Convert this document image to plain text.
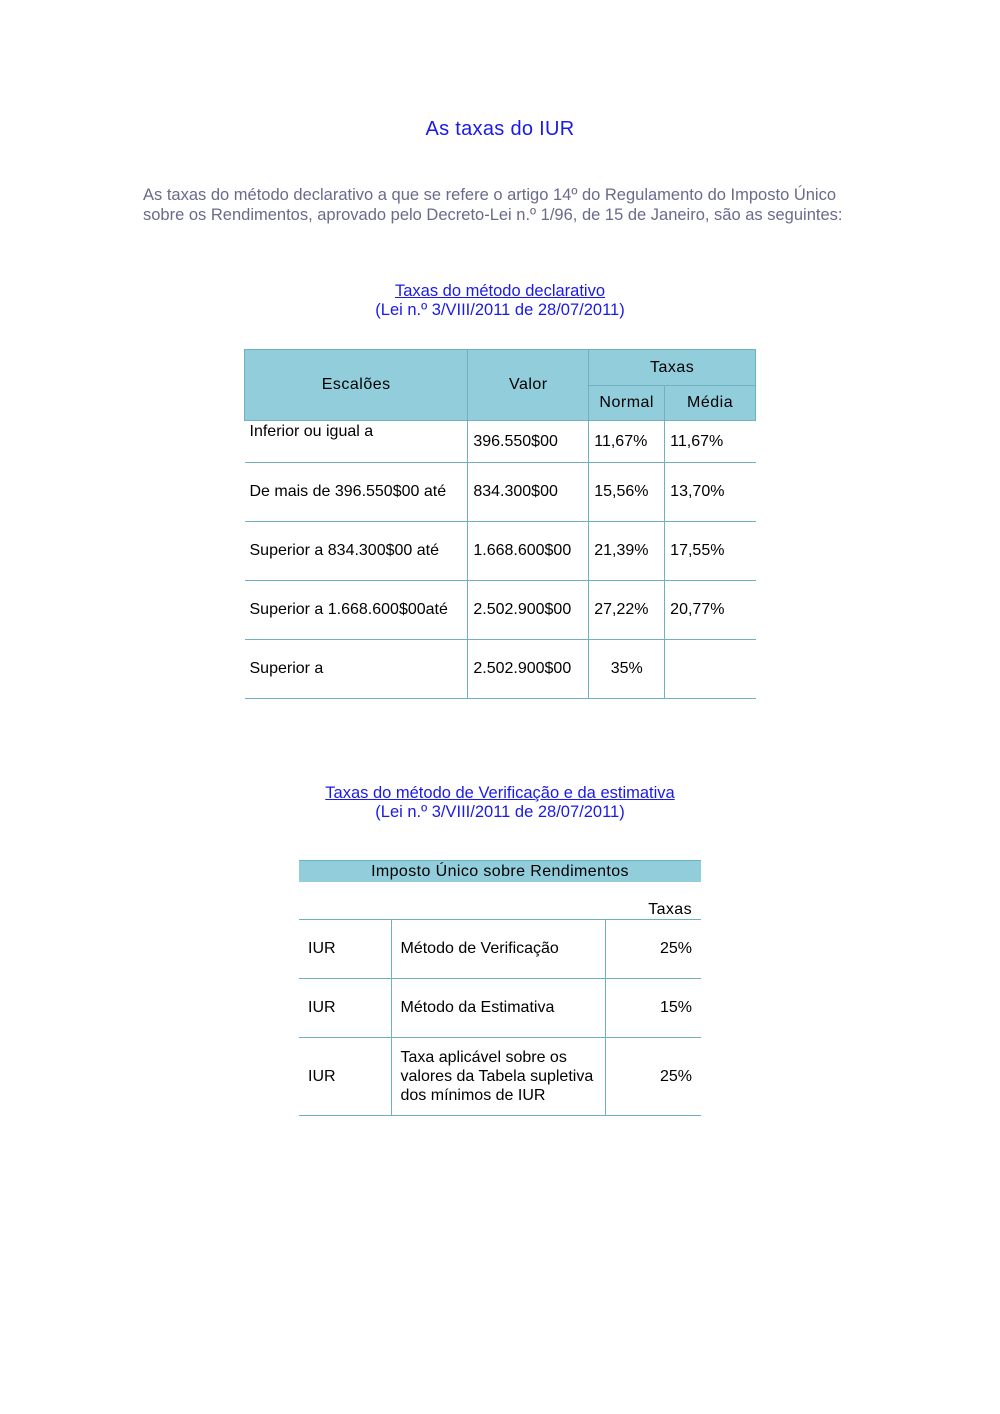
As taxas do IUR
As taxas do método declarativo a que se refere o artigo 14º do Regulamento do Imposto Único sobre os Rendimentos, aprovado pelo Decreto-Lei n.º 1/96, de 15 de Janeiro, são as seguintes:
Taxas do método declarativo
(Lei n.º 3/VIII/2011 de 28/07/2011)
Escalões	Valor	Taxas	
		Normal	Média
Inferior ou igual a	396.550$00	11,67%	11,67%
De mais de 396.550$00 até	834.300$00	15,56%	13,70%
Superior a 834.300$00 até	1.668.600$00	21,39%	17,55%
Superior a 1.668.600$00até	2.502.900$00	27,22%	20,77%
Superior a	2.502.900$00	35%	
Taxas do método de Verificação e da estimativa
(Lei n.º 3/VIII/2011 de 28/07/2011)
Imposto Único sobre Rendimentos		

Taxas		
IUR	Método de Verificação	25%
IUR	Método da Estimativa	15%
IUR	Taxa aplicável sobre os valores da Tabela supletiva dos mínimos de IUR	25%
